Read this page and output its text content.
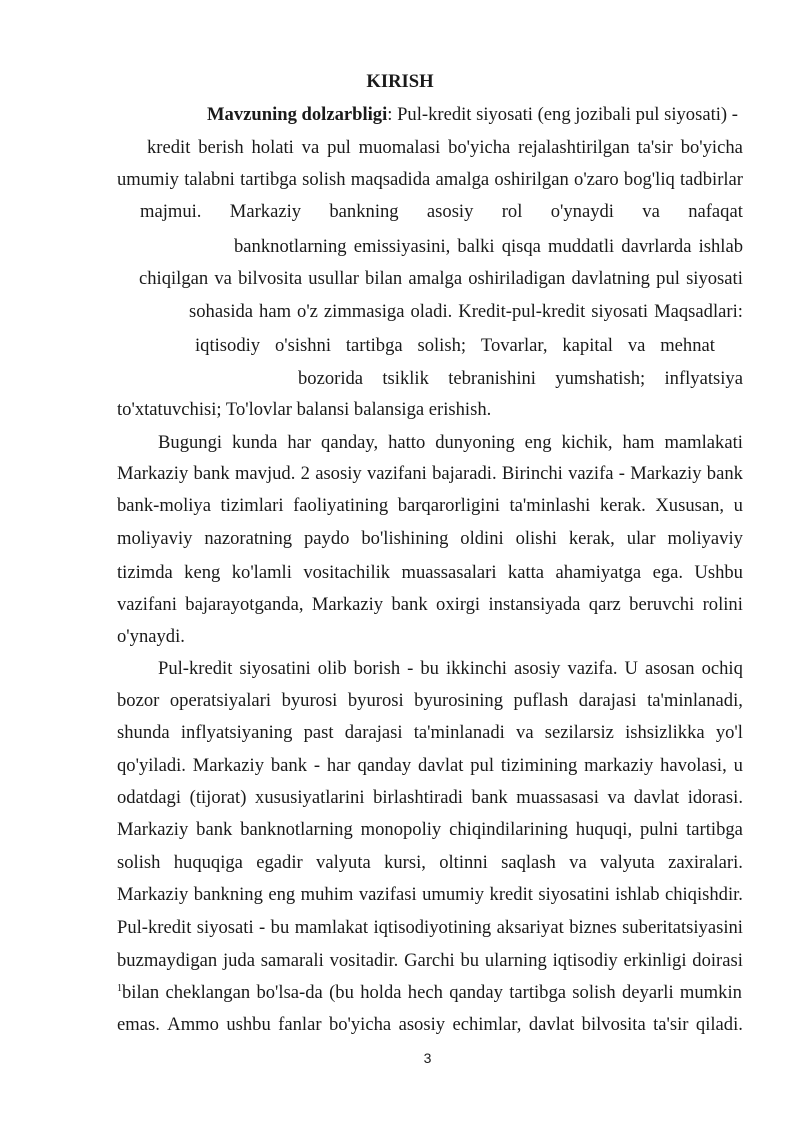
KIRISH
Mavzuning dolzarbligi: Pul-kredit siyosati (eng jozibali pul siyosati) -
kredit berish holati va pul muomalasi bo'yicha rejalashtirilgan ta'sir bo'yicha
umumiy talabni tartibga solish maqsadida amalga oshirilgan o'zaro bog'liq tadbirlar
majmui. Markaziy bankning asosiy rol o'ynaydi va nafaqat
banknotlarning emissiyasini, balki qisqa muddatli davrlarda ishlab
chiqilgan va bilvosita usullar bilan amalga oshiriladigan davlatning pul siyosati
sohasida ham o'z zimmasiga oladi. Kredit-pul-kredit siyosati Maqsadlari:
iqtisodiy o'sishni tartibga solish; Tovarlar, kapital va mehnat
bozorida tsiklik tebranishini yumshatish; inflyatsiya
to'xtatuvchisi; To'lovlar balansi balansiga erishish.
Bugungi kunda har qanday, hatto dunyoning eng kichik, ham mamlakati
Markaziy bank mavjud. 2 asosiy vazifani bajaradi. Birinchi vazifa - Markaziy bank
bank-moliya tizimlari faoliyatining barqarorligini ta'minlashi kerak. Xususan, u
moliyaviy nazoratning paydo bo'lishining oldini olishi kerak, ular moliyaviy
tizimda keng ko'lamli vositachilik muassasalari katta ahamiyatga ega. Ushbu
vazifani bajarayotganda, Markaziy bank oxirgi instansiyada qarz beruvchi rolini
o'ynaydi.
Pul-kredit siyosatini olib borish - bu ikkinchi asosiy vazifa. U asosan ochiq
bozor operatsiyalari byurosi byurosi byurosining puflash darajasi ta'minlanadi,
shunda inflyatsiyaning past darajasi ta'minlanadi va sezilarsiz ishsizlikka yo'l
qo'yiladi. Markaziy bank - har qanday davlat pul tizimining markaziy havolasi, u
odatdagi (tijorat) xususiyatlarini birlashtiradi bank muassasasi va davlat idorasi.
Markaziy bank banknotlarning monopoliy chiqindilarining huquqi, pulni tartibga
solish huquqiga egadir valyuta kursi, oltinni saqlash va valyuta zaxiralari.
Markaziy bankning eng muhim vazifasi umumiy kredit siyosatini ishlab chiqishdir.
Pul-kredit siyosati - bu mamlakat iqtisodiyotining aksariyat biznes suberitatsiyasini
buzmaydigan juda samarali vositadir. Garchi bu ularning iqtisodiy erkinligi doirasi
$^1$ bilan cheklangan bo'lsa-da (bu holda hech qanday tartibga solish deyarli mumkin
emas. Ammo ushbu fanlar bo'yicha asosiy echimlar, davlat bilvosita ta'sir qiladi.
3
